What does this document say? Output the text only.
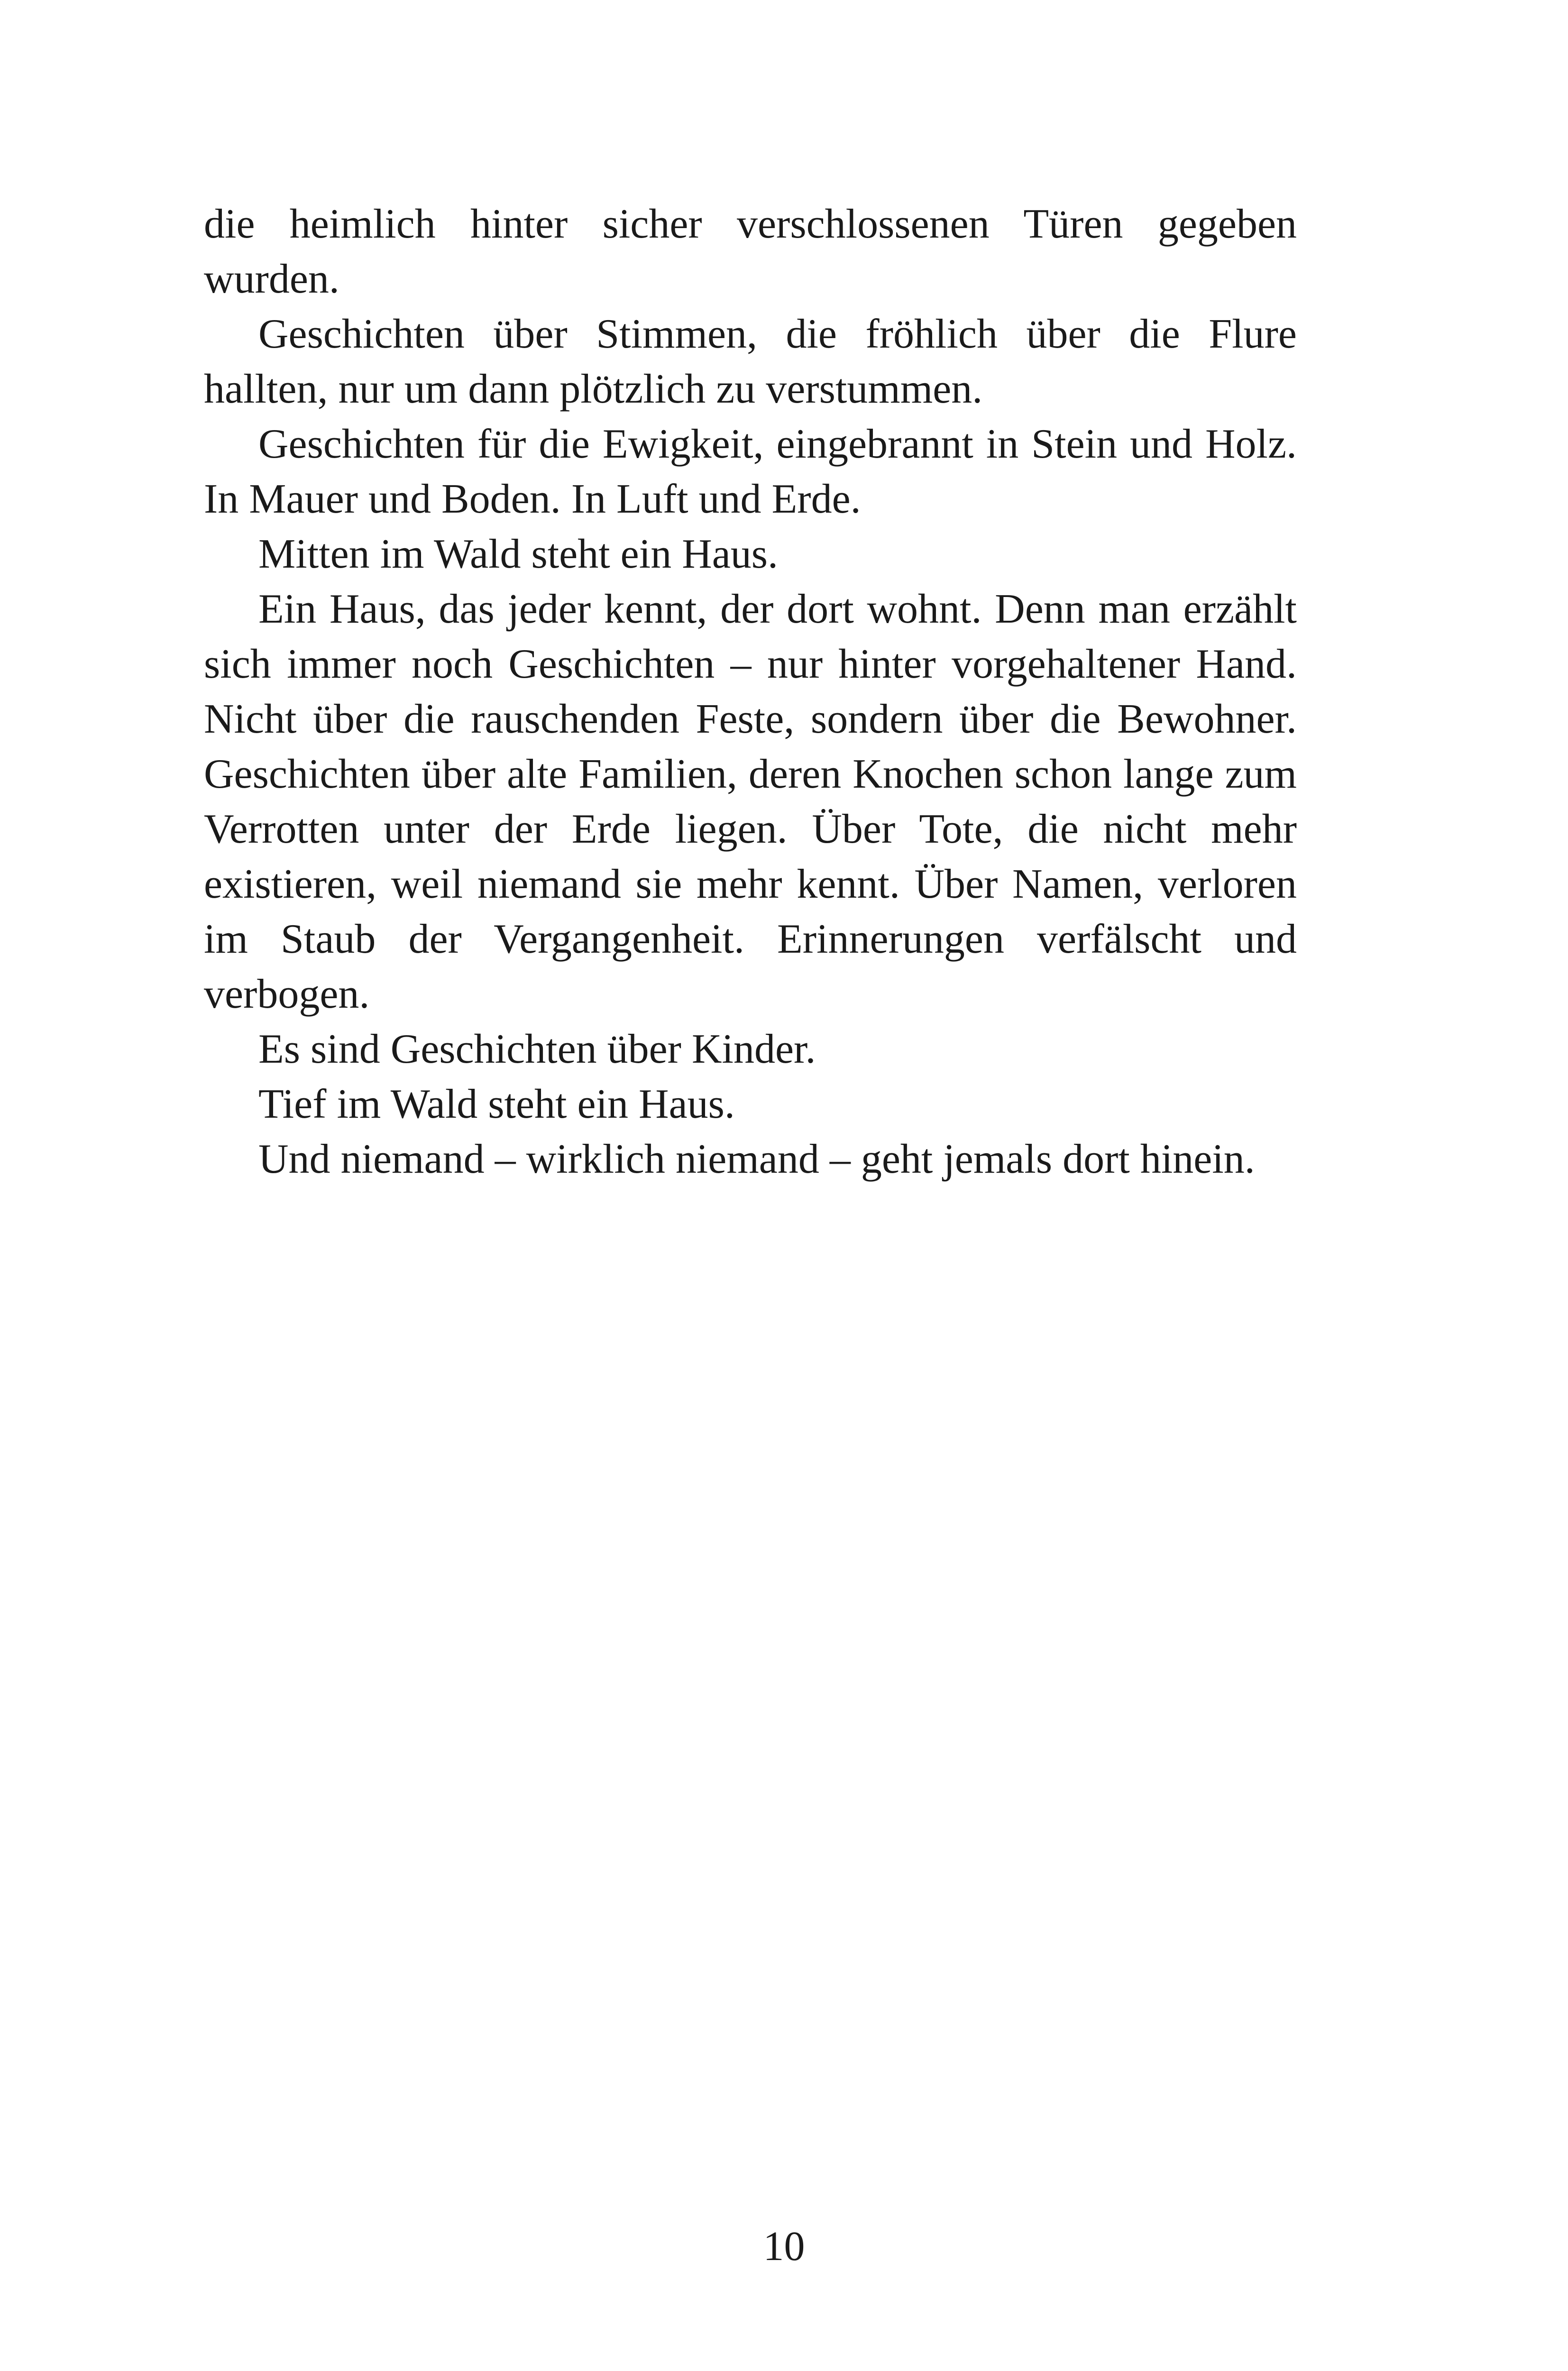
die heimlich hinter sicher verschlossenen Türen gegeben wurden.

Geschichten über Stimmen, die fröhlich über die Flure hallten, nur um dann plötzlich zu verstummen.

Geschichten für die Ewigkeit, eingebrannt in Stein und Holz. In Mauer und Boden. In Luft und Erde.

Mitten im Wald steht ein Haus.

Ein Haus, das jeder kennt, der dort wohnt. Denn man erzählt sich immer noch Geschichten – nur hinter vorgehaltener Hand. Nicht über die rauschenden Feste, sondern über die Bewohner. Geschichten über alte Familien, deren Knochen schon lange zum Verrotten unter der Erde liegen. Über Tote, die nicht mehr existieren, weil niemand sie mehr kennt. Über Namen, verloren im Staub der Vergangenheit. Erinnerungen verfälscht und verbogen.

Es sind Geschichten über Kinder.

Tief im Wald steht ein Haus.

Und niemand – wirklich niemand – geht jemals dort hinein.

10
